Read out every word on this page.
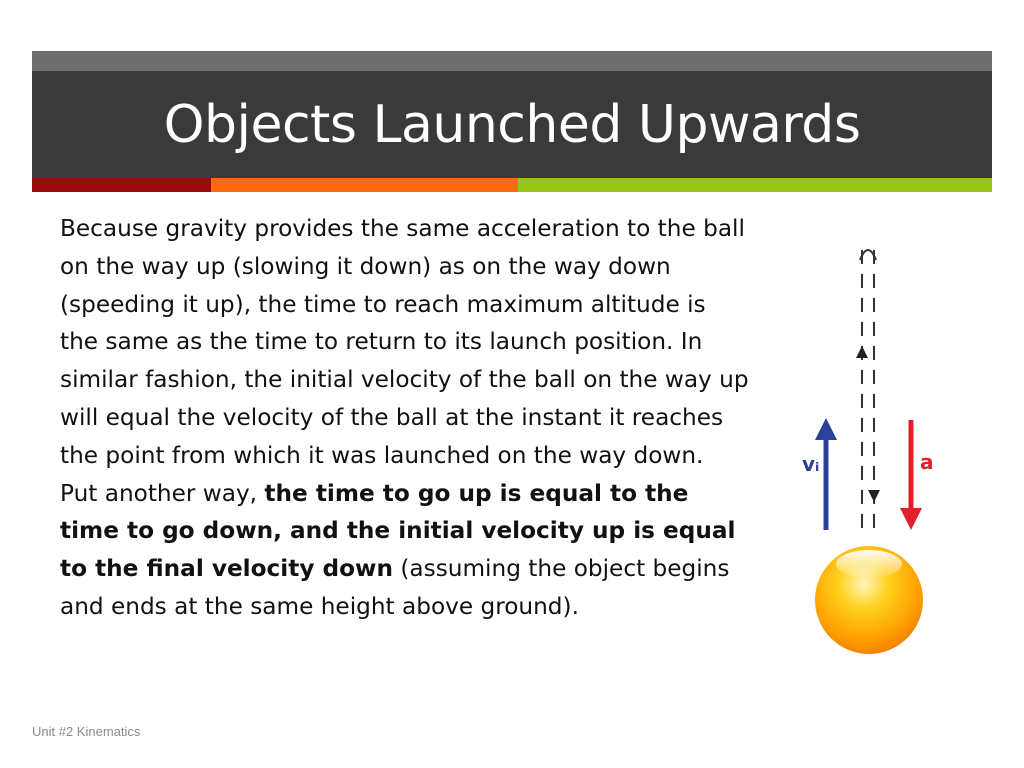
Objects Launched Upwards

Because gravity provides the same acceleration to the ball on the way up (slowing it down) as on the way down (speeding it up), the time to reach maximum altitude is the same as the time to return to its launch position. In similar fashion, the initial velocity of the ball on the way up will equal the velocity of the ball at the instant it reaches the point from which it was launched on the way down.

Put another way, the time to go up is equal to the time to go down, and the initial velocity up is equal to the final velocity down (assuming the object begins and ends at the same height above ground).

vᵢ	a
Unit #2 Kinematics
